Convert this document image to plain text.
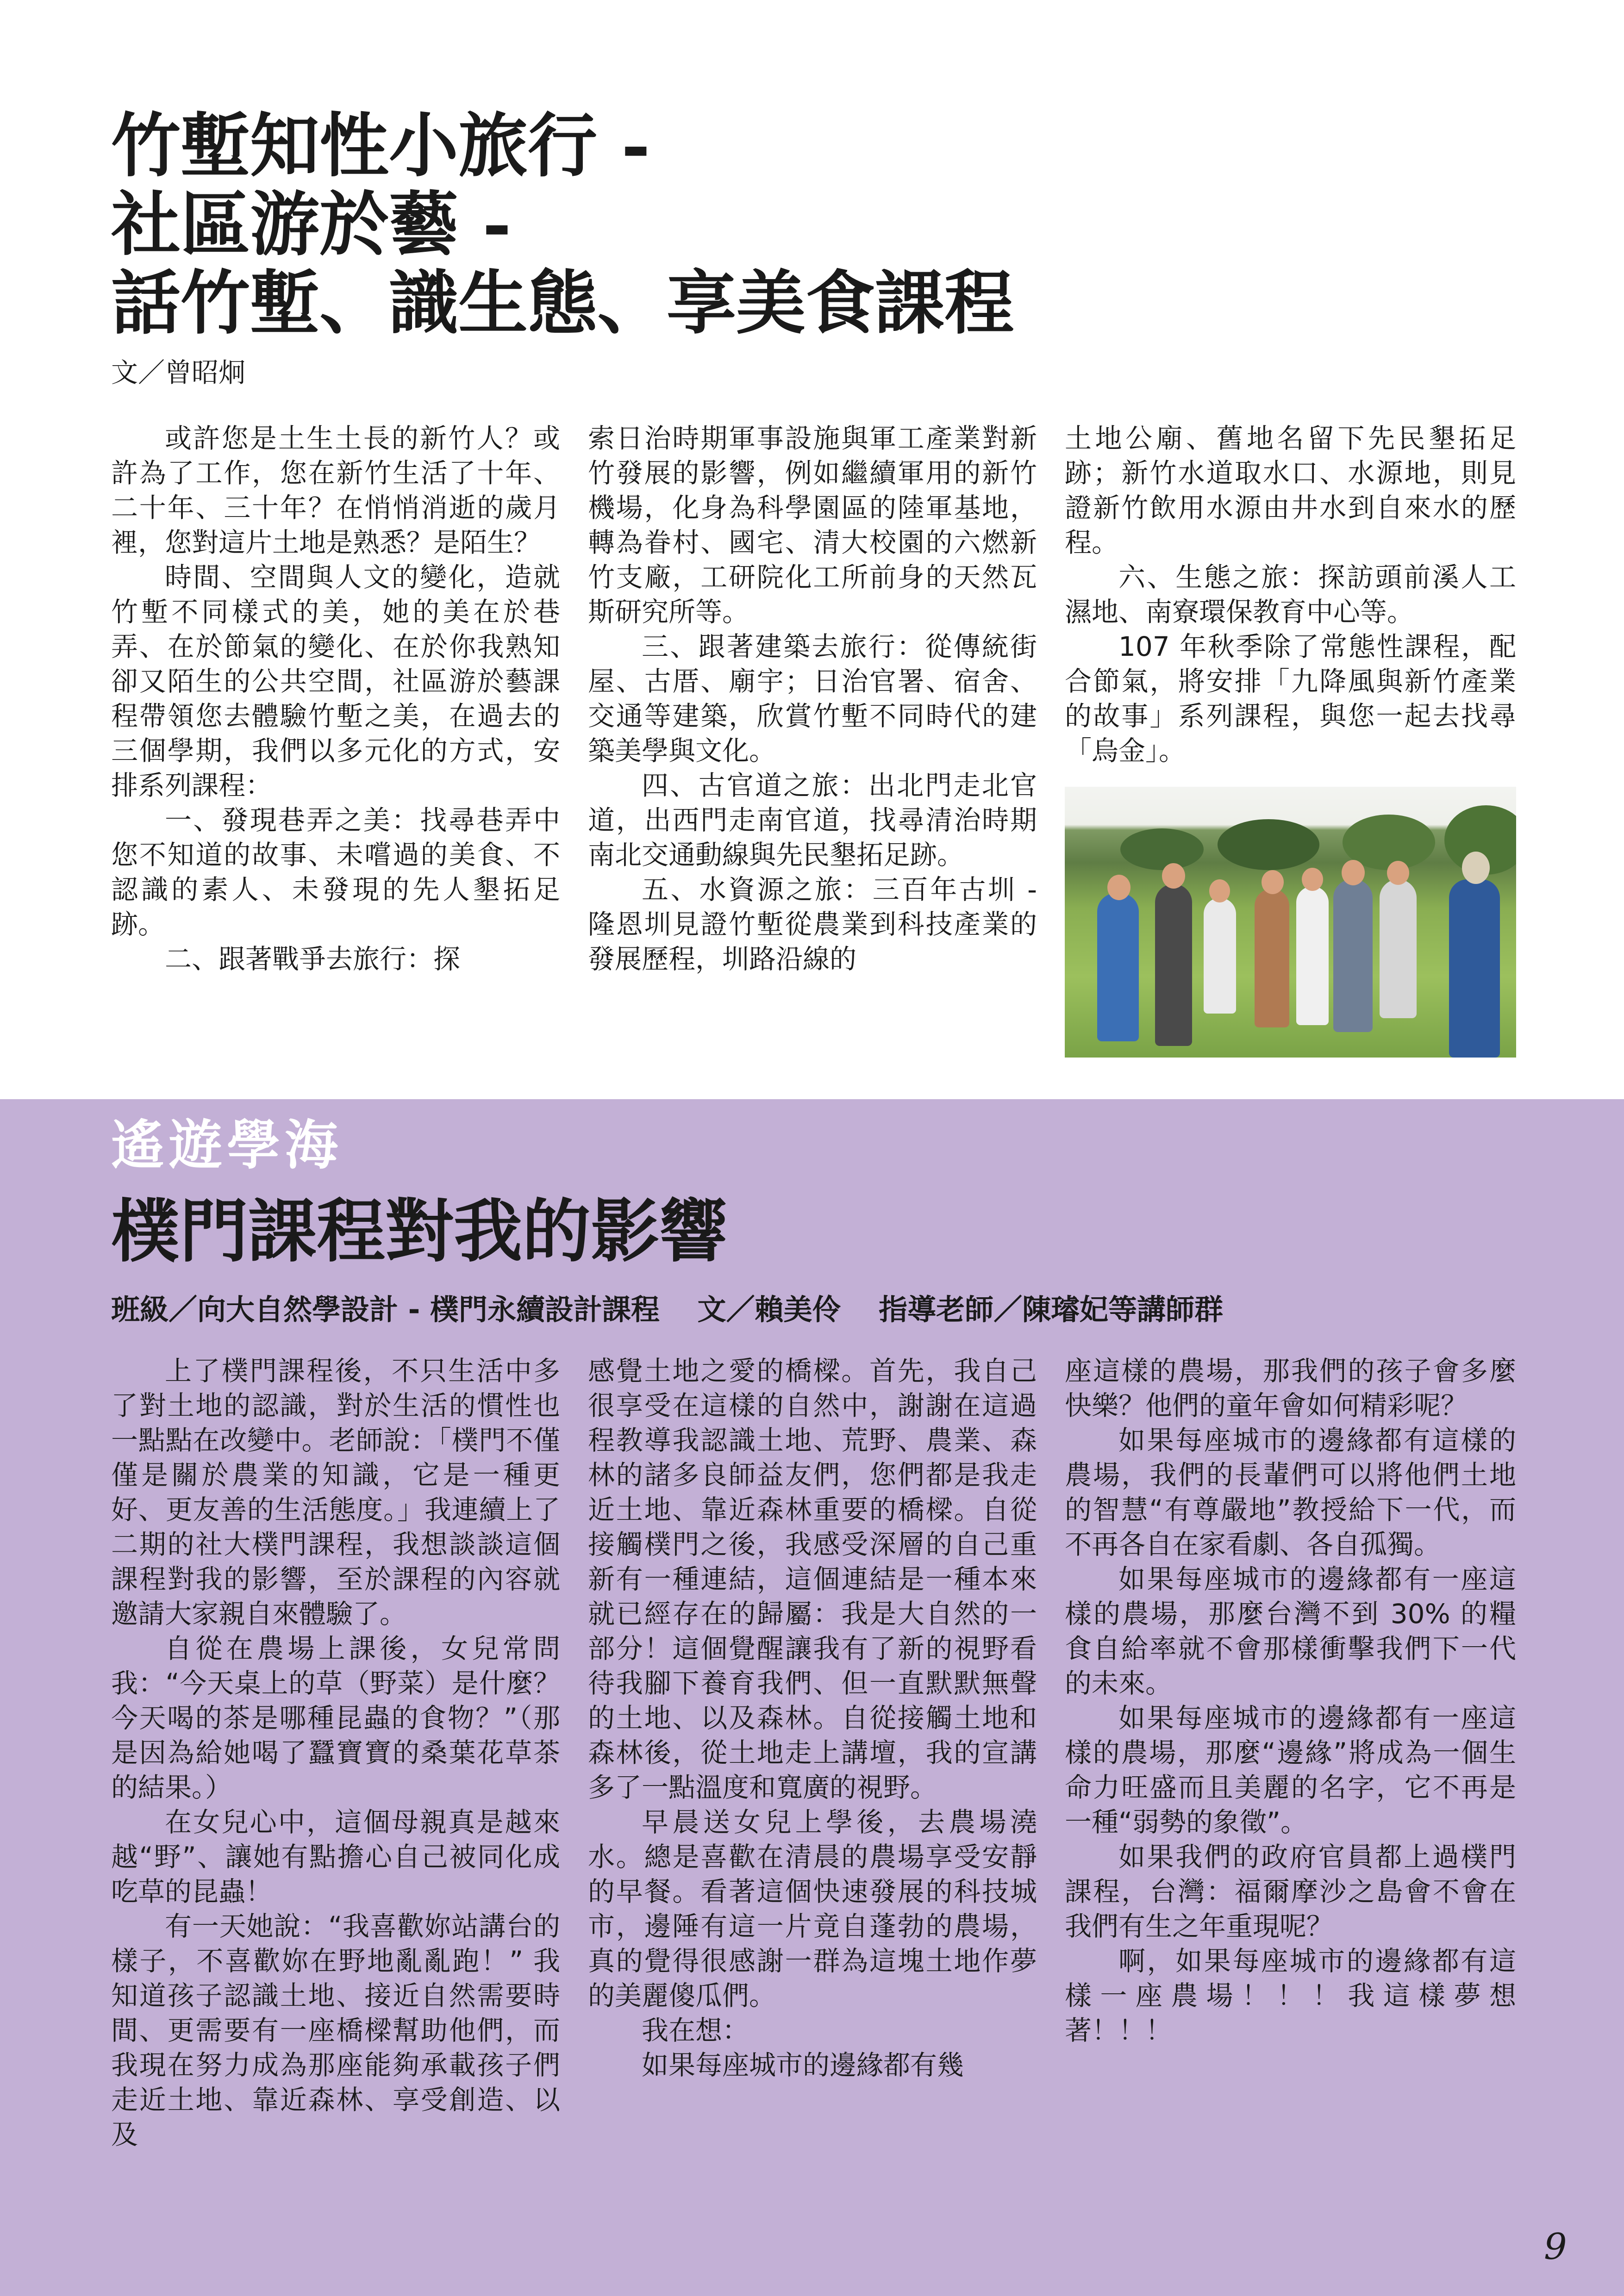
竹塹知性小旅行 -
社區游於藝 -
話竹塹、識生態、享美食課程
文／曾昭炯

或許您是土生土長的新竹人？或許為了工作，您在新竹生活了十年、二十年、三十年？在悄悄消逝的歲月裡，您對這片土地是熟悉？是陌生？

時間、空間與人文的變化，造就竹塹不同樣式的美，她的美在於巷弄、在於節氣的變化、在於你我熟知卻又陌生的公共空間，社區游於藝課程帶領您去體驗竹塹之美，在過去的三個學期，我們以多元化的方式，安排系列課程：

一、發現巷弄之美：找尋巷弄中您不知道的故事、未嚐過的美食、不認識的素人、未發現的先人墾拓足跡。

二、跟著戰爭去旅行：探

索日治時期軍事設施與軍工產業對新竹發展的影響，例如繼續軍用的新竹機場，化身為科學園區的陸軍基地，轉為眷村、國宅、清大校園的六燃新竹支廠，工研院化工所前身的天然瓦斯研究所等。

三、跟著建築去旅行：從傳統街屋、古厝、廟宇；日治官署、宿舍、交通等建築，欣賞竹塹不同時代的建築美學與文化。

四、古官道之旅：出北門走北官道，出西門走南官道，找尋清治時期南北交通動線與先民墾拓足跡。

五、水資源之旅：三百年古圳 - 隆恩圳見證竹塹從農業到科技產業的發展歷程，圳路沿線的

土地公廟、舊地名留下先民墾拓足跡；新竹水道取水口、水源地，則見證新竹飲用水源由井水到自來水的歷程。

六、生態之旅：探訪頭前溪人工濕地、南寮環保教育中心等。

107 年秋季除了常態性課程，配合節氣，將安排「九降風與新竹產業的故事」系列課程，與您一起去找尋「烏金」。

遙遊學海
樸門課程對我的影響
班級／向大自然學設計 - 樸門永續設計課程 文／賴美伶 指導老師／陳璿妃等講師群

上了樸門課程後，不只生活中多了對土地的認識，對於生活的慣性也一點點在改變中。老師說：「樸門不僅僅是關於農業的知識，它是一種更好、更友善的生活態度。」我連續上了二期的社大樸門課程，我想談談這個課程對我的影響，至於課程的內容就邀請大家親自來體驗了。

自從在農場上課後，女兒常問我：“今天桌上的草（野菜）是什麼？ 今天喝的茶是哪種昆蟲的食物？”（那是因為給她喝了蠶寶寶的桑葉花草茶的結果。）

在女兒心中，這個母親真是越來越“野”、讓她有點擔心自己被同化成吃草的昆蟲！

有一天她說：“我喜歡妳站講台的樣子，不喜歡妳在野地亂亂跑！” 我知道孩子認識土地、接近自然需要時間、更需要有一座橋樑幫助他們，而我現在努力成為那座能夠承載孩子們走近土地、靠近森林、享受創造、以及

感覺土地之愛的橋樑。首先，我自己很享受在這樣的自然中，謝謝在這過程教導我認識土地、荒野、農業、森林的諸多良師益友們，您們都是我走近土地、靠近森林重要的橋樑。自從接觸樸門之後，我感受深層的自己重新有一種連結，這個連結是一種本來就已經存在的歸屬：我是大自然的一部分！這個覺醒讓我有了新的視野看待我腳下養育我們、但一直默默無聲的土地、以及森林。自從接觸土地和森林後，從土地走上講壇，我的宣講多了一點溫度和寬廣的視野。

早晨送女兒上學後，去農場澆水。總是喜歡在清晨的農場享受安靜的早餐。看著這個快速發展的科技城市，邊陲有這一片竟自蓬勃的農場，真的覺得很感謝一群為這塊土地作夢的美麗傻瓜們。

我在想：

如果每座城市的邊緣都有幾

座這樣的農場，那我們的孩子會多麼快樂？他們的童年會如何精彩呢？

如果每座城市的邊緣都有這樣的農場，我們的長輩們可以將他們土地的智慧“有尊嚴地”教授給下一代，而不再各自在家看劇、各自孤獨。

如果每座城市的邊緣都有一座這樣的農場，那麼台灣不到 30% 的糧食自給率就不會那樣衝擊我們下一代的未來。

如果每座城市的邊緣都有一座這樣的農場，那麼“邊緣”將成為一個生命力旺盛而且美麗的名字，它不再是一種“弱勢的象徵”。

如果我們的政府官員都上過樸門課程，台灣：福爾摩沙之島會不會在我們有生之年重現呢？

啊，如果每座城市的邊緣都有這樣一座農場！！！我這樣夢想著！！！

9
